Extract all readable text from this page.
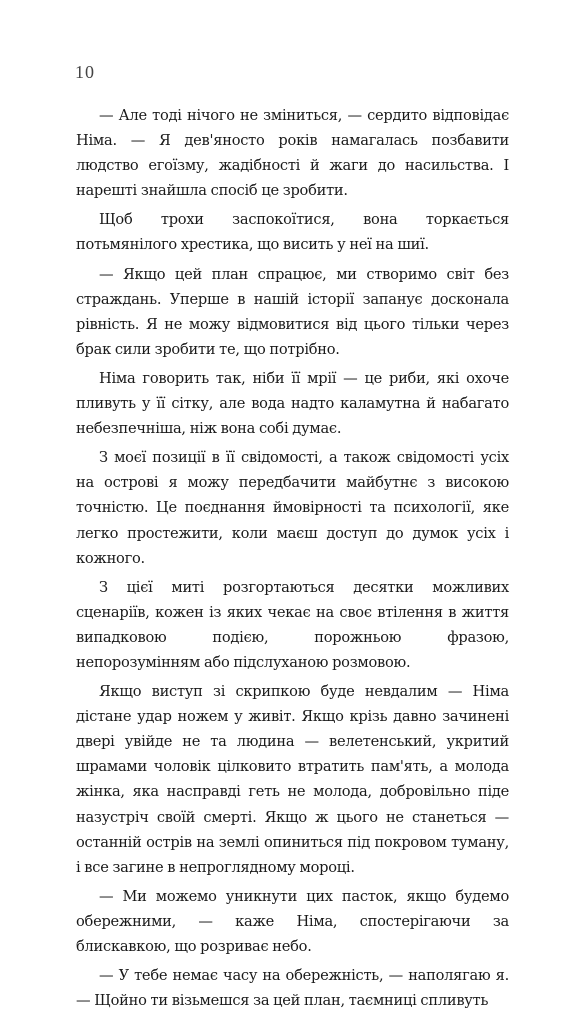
10

— Але тоді нічого не зміниться, — сердито відповідає Німа. — Я дев'яносто років намагалась позбавити людство егоїзму, жадібності й жаги до насильства. І нарешті знайшла спосіб це зробити.

Щоб трохи заспокоїтися, вона торкається потьмянілого хрестика, що висить у неї на шиї.

— Якщо цей план спрацює, ми створимо світ без страждань. Уперше в нашій історії запанує досконала рівність. Я не можу відмовитися від цього тільки через брак сили зробити те, що потрібно.

Німа говорить так, ніби її мрії — це риби, які охоче пливуть у її сітку, але вода надто каламутна й набагато небезпечніша, ніж вона собі думає.

З моєї позиції в її свідомості, а також свідомості усіх на острові я можу передбачити майбутнє з високою точністю. Це поєднання ймовірності та психології, яке легко простежити, коли маєш доступ до думок усіх і кожного.

З цієї миті розгортаються десятки можливих сценаріїв, кожен із яких чекає на своє втілення в життя випадковою подією, порожньою фразою, непорозумінням або підслуханою розмовою.

Якщо виступ зі скрипкою буде невдалим — Німа дістане удар ножем у живіт. Якщо крізь давно зачинені двері увійде не та людина — велетенський, укритий шрамами чоловік цілковито втратить пам'ять, а молода жінка, яка насправді геть не молода, добровільно піде назустріч своїй смерті. Якщо ж цього не станеться — останній острів на землі опиниться під покровом туману, і все загине в непроглядному мороці.

— Ми можемо уникнути цих пасток, якщо будемо обережними, — каже Німа, спостерігаючи за блискавкою, що розриває небо.

— У тебе немає часу на обережність, — наполягаю я. — Щойно ти візьмешся за цей план, таємниці спливуть
